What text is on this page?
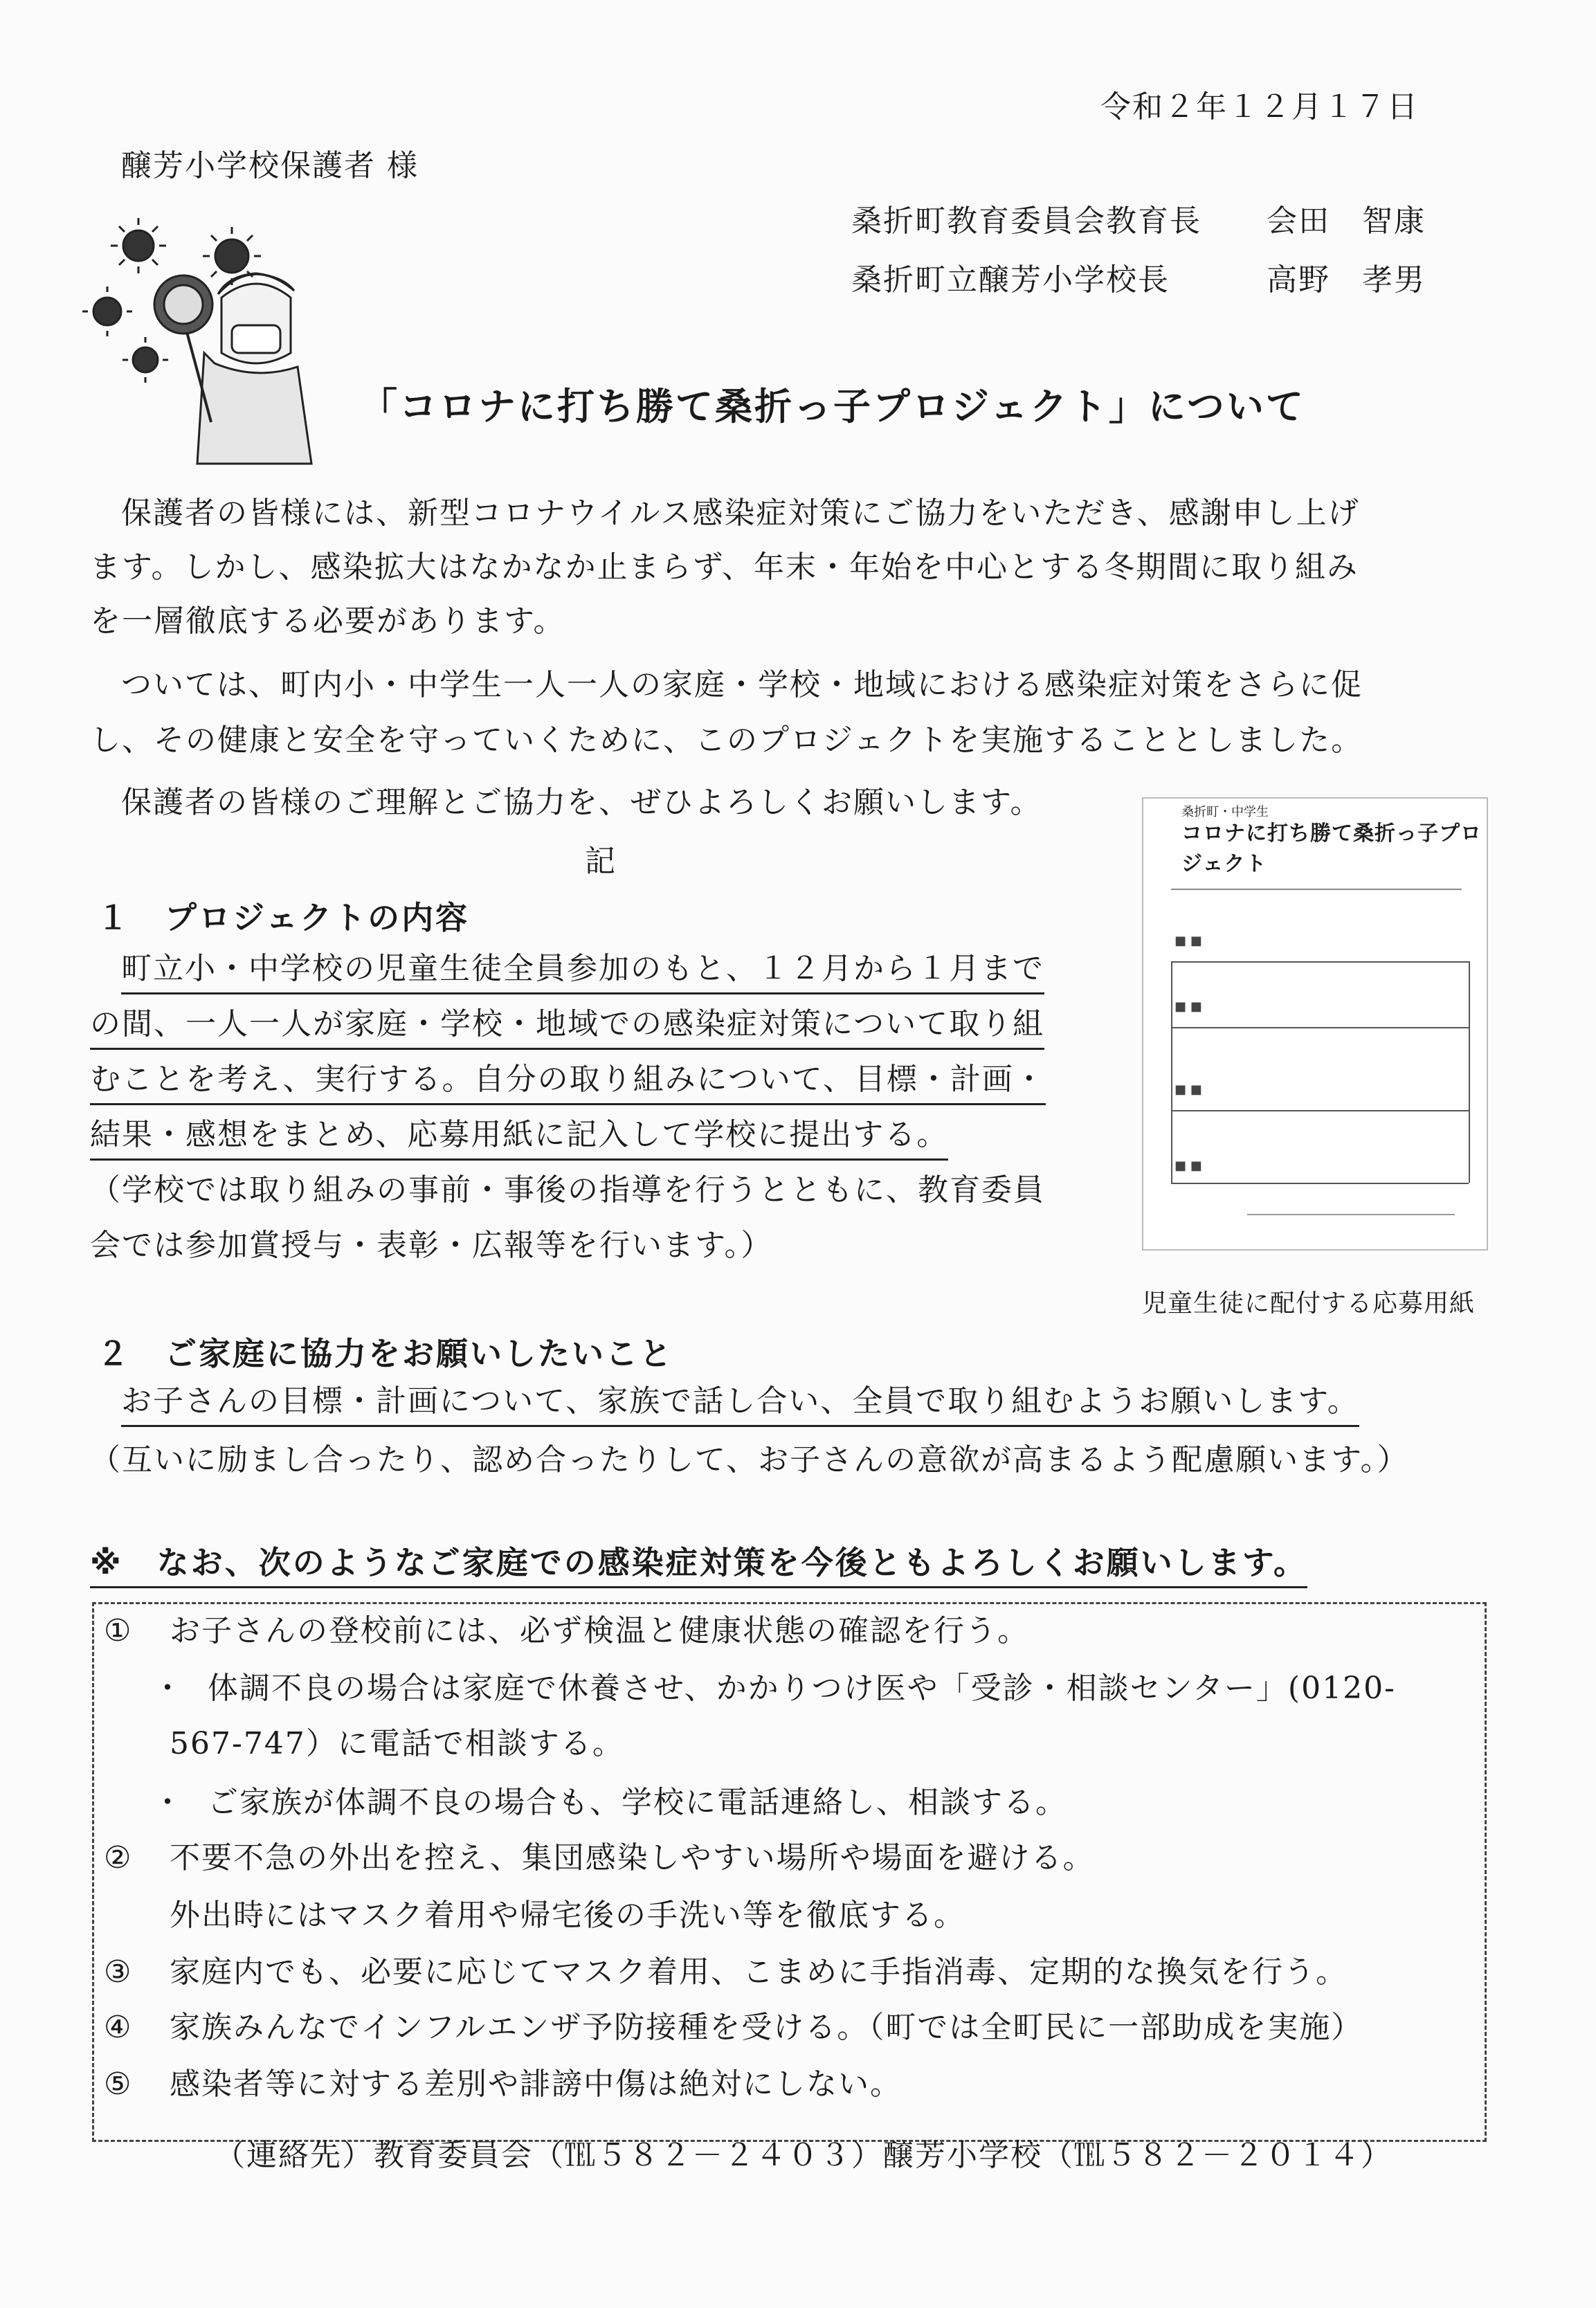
令和２年１２月１７日
醸芳小学校保護者 様
桑折町教育委員会教育長 会田　智康
桑折町立醸芳小学校長	高野　孝男
「コロナに打ち勝て桑折っ子プロジェクト」について
保護者の皆様には、新型コロナウイルス感染症対策にご協力をいただき、感謝申し上げ
ます。しかし、感染拡大はなかなか止まらず、年末・年始を中心とする冬期間に取り組み
を一層徹底する必要があります。
ついては、町内小・中学生一人一人の家庭・学校・地域における感染症対策をさらに促
し、その健康と安全を守っていくために、このプロジェクトを実施することとしました。
保護者の皆様のご理解とご協力を、ぜひよろしくお願いします。
記
１　プロジェクトの内容
町立小・中学校の児童生徒全員参加のもと、１２月から１月まで
の間、一人一人が家庭・学校・地域での感染症対策について取り組
むことを考え、実行する。自分の取り組みについて、目標・計画・
結果・感想をまとめ、応募用紙に記入して学校に提出する。
（学校では取り組みの事前・事後の指導を行うとともに、教育委員
会では参加賞授与・表彰・広報等を行います。）
桑折町・中学生
コロナに打ち勝て桑折っ子プロジェクト
■ ■
■ ■
■ ■
■ ■
児童生徒に配付する応募用紙
２　ご家庭に協力をお願いしたいこと
お子さんの目標・計画について、家族で話し合い、全員で取り組むようお願いします。
（互いに励まし合ったり、認め合ったりして、お子さんの意欲が高まるよう配慮願います。）
※　なお、次のようなご家庭での感染症対策を今後ともよろしくお願いします。
① お子さんの登校前には、必ず検温と健康状態の確認を行う。
・ 体調不良の場合は家庭で休養させ、かかりつけ医や「受診・相談センター」(0120-
567-747）に電話で相談する。
・ ご家族が体調不良の場合も、学校に電話連絡し、相談する。
② 不要不急の外出を控え、集団感染しやすい場所や場面を避ける。
外出時にはマスク着用や帰宅後の手洗い等を徹底する。
③ 家庭内でも、必要に応じてマスク着用、こまめに手指消毒、定期的な換気を行う。
④ 家族みんなでインフルエンザ予防接種を受ける。（町では全町民に一部助成を実施）
⑤ 感染者等に対する差別や誹謗中傷は絶対にしない。
（連絡先）教育委員会（℡５８２－２４０３）醸芳小学校（℡５８２－２０１４）
